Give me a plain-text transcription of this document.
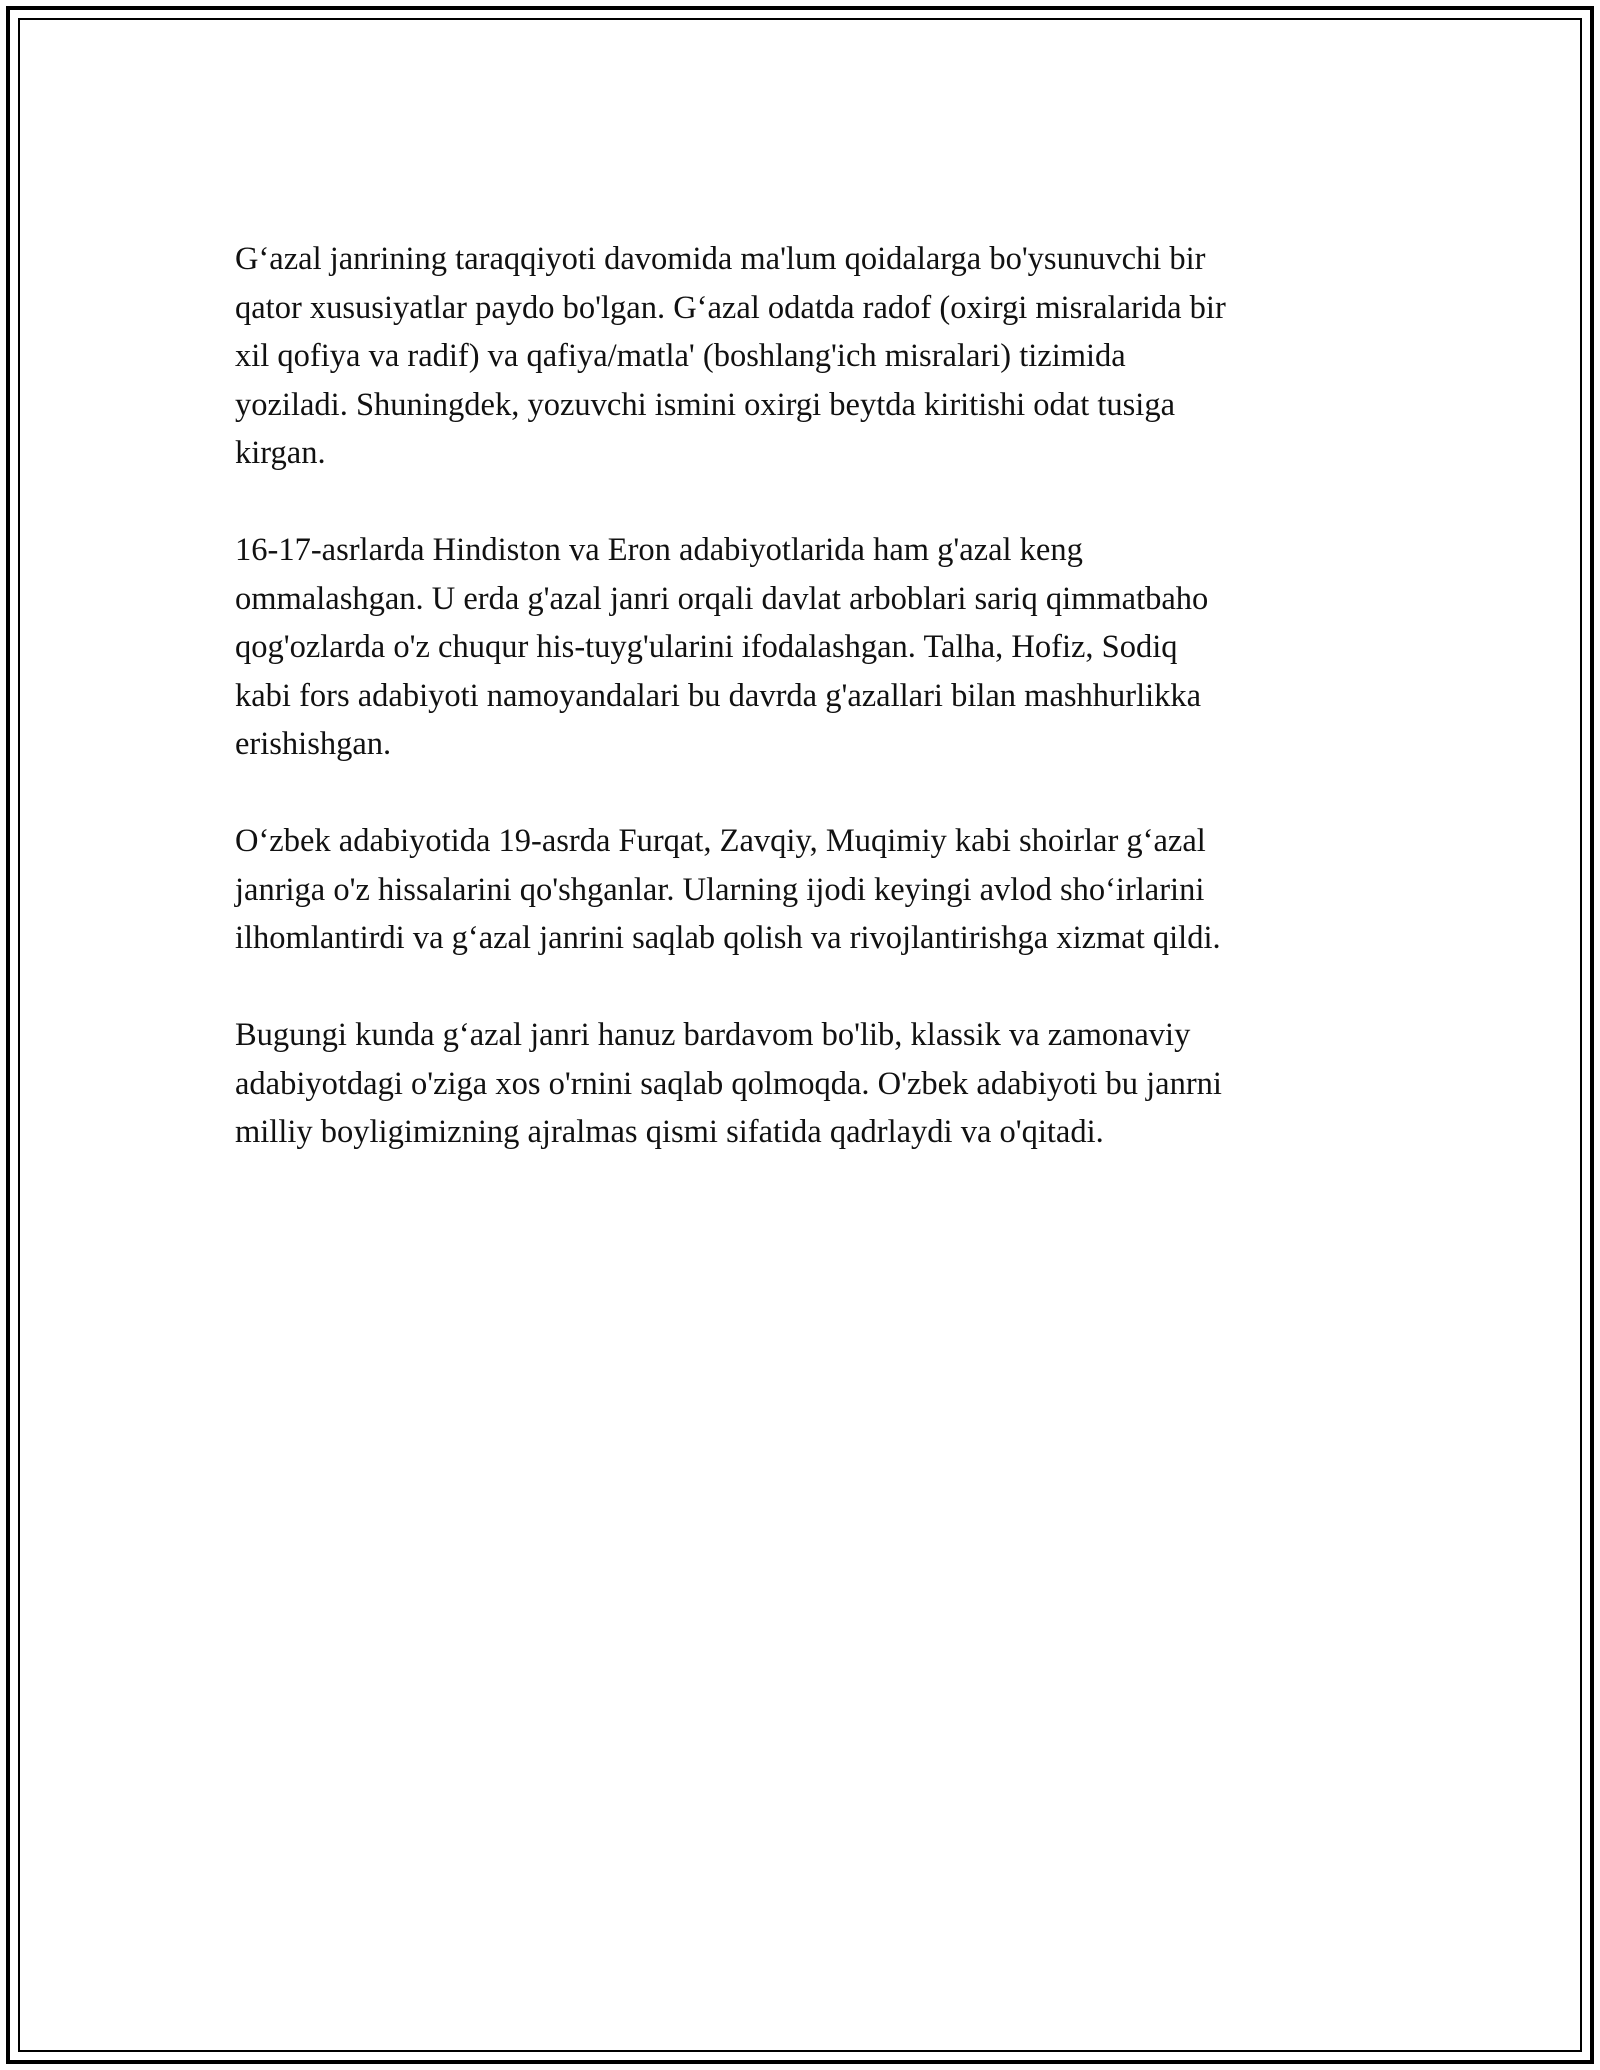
G‘azal janrining taraqqiyoti davomida ma'lum qoidalarga bo'ysunuvchi bir
qator xususiyatlar paydo bo'lgan. G‘azal odatda radof (oxirgi misralarida bir
xil qofiya va radif) va qafiya/matla' (boshlang'ich misralari) tizimida
yoziladi. Shuningdek, yozuvchi ismini oxirgi beytda kiritishi odat tusiga
kirgan.

16-17-asrlarda Hindiston va Eron adabiyotlarida ham g'azal keng
ommalashgan. U erda g'azal janri orqali davlat arboblari sariq qimmatbaho
qog'ozlarda o'z chuqur his-tuyg'ularini ifodalashgan. Talha, Hofiz, Sodiq
kabi fors adabiyoti namoyandalari bu davrda g'azallari bilan mashhurlikka
erishishgan.

O‘zbek adabiyotida 19-asrda Furqat, Zavqiy, Muqimiy kabi shoirlar g‘azal
janriga o'z hissalarini qo'shganlar. Ularning ijodi keyingi avlod sho‘irlarini
ilhomlantirdi va g‘azal janrini saqlab qolish va rivojlantirishga xizmat qildi.

Bugungi kunda g‘azal janri hanuz bardavom bo'lib, klassik va zamonaviy
adabiyotdagi o'ziga xos o'rnini saqlab qolmoqda. O'zbek adabiyoti bu janrni
milliy boyligimizning ajralmas qismi sifatida qadrlaydi va o'qitadi.
